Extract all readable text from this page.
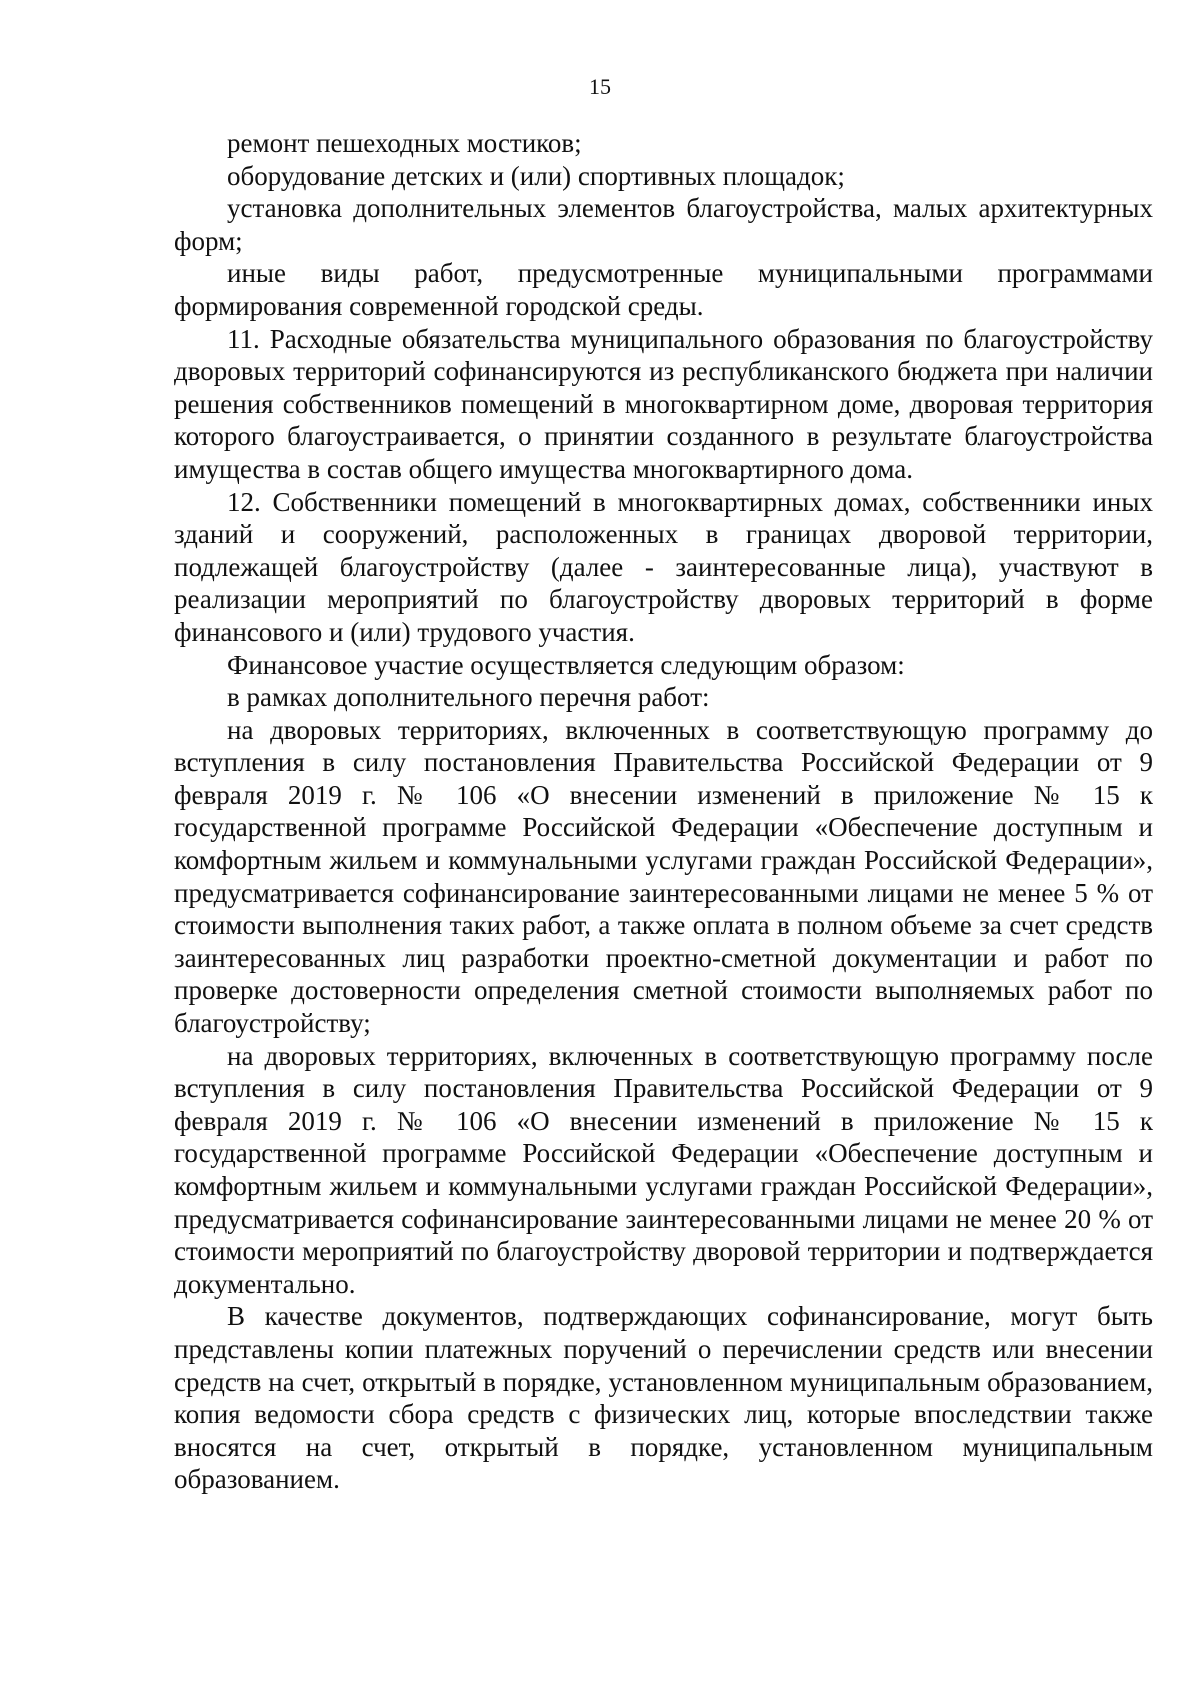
15

ремонт пешеходных мостиков;

оборудование детских и (или) спортивных площадок;

установка дополнительных элементов благоустройства, малых архитектурных форм;

иные виды работ, предусмотренные муниципальными программами формирования современной городской среды.

11. Расходные обязательства муниципального образования по благоустройству дворовых территорий софинансируются из республиканского бюджета при наличии решения собственников помещений в многоквартирном доме, дворовая территория которого благоустраивается, о принятии созданного в результате благоустройства имущества в состав общего имущества многоквартирного дома.

12. Собственники помещений в многоквартирных домах, собственники иных зданий и сооружений, расположенных в границах дворовой территории, подлежащей благоустройству (далее - заинтересованные лица), участвуют в реализации мероприятий по благоустройству дворовых территорий в форме финансового и (или) трудового участия.

Финансовое участие осуществляется следующим образом:

в рамках дополнительного перечня работ:

на дворовых территориях, включенных в соответствующую программу до вступления в силу постановления Правительства Российской Федерации от 9 февраля 2019 г. № 106 «О внесении изменений в приложение № 15 к государственной программе Российской Федерации «Обеспечение доступным и комфортным жильем и коммунальными услугами граждан Российской Федерации», предусматривается софинансирование заинтересованными лицами не менее 5 % от стоимости выполнения таких работ, а также оплата в полном объеме за счет средств заинтересованных лиц разработки проектно-сметной документации и работ по проверке достоверности определения сметной стоимости выполняемых работ по благоустройству;

на дворовых территориях, включенных в соответствующую программу после вступления в силу постановления Правительства Российской Федерации от 9 февраля 2019 г. № 106 «О внесении изменений в приложение № 15 к государственной программе Российской Федерации «Обеспечение доступным и комфортным жильем и коммунальными услугами граждан Российской Федерации», предусматривается софинансирование заинтересованными лицами не менее 20 % от стоимости мероприятий по благоустройству дворовой территории и подтверждается документально.

В качестве документов, подтверждающих софинансирование, могут быть представлены копии платежных поручений о перечислении средств или внесении средств на счет, открытый в порядке, установленном муниципальным образованием, копия ведомости сбора средств с физических лиц, которые впоследствии также вносятся на счет, открытый в порядке, установленном муниципальным образованием.
